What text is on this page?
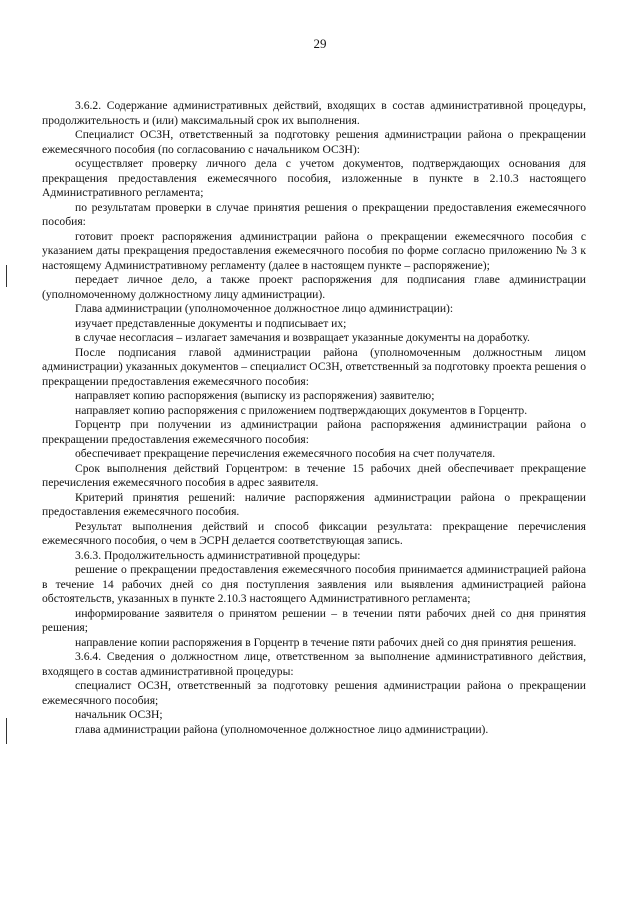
29

3.6.2. Содержание административных действий, входящих в состав административной процедуры, продолжительность и (или) максимальный срок их выполнения.

Специалист ОСЗН, ответственный за подготовку решения администрации района о прекращении ежемесячного пособия (по согласованию с начальником ОСЗН):

осуществляет проверку личного дела с учетом документов, подтверждающих основания для прекращения предоставления ежемесячного пособия, изложенные в пункте в 2.10.3 настоящего Административного регламента;

по результатам проверки в случае принятия решения о прекращении предоставления ежемесячного пособия:

готовит проект распоряжения администрации района о прекращении ежемесячного пособия с указанием даты прекращения предоставления ежемесячного пособия по форме согласно приложению № 3 к настоящему Административному регламенту (далее в настоящем пункте – распоряжение);

передает личное дело, а также проект распоряжения для подписания главе администрации (уполномоченному должностному лицу администрации).

Глава администрации (уполномоченное должностное лицо администрации):

изучает представленные документы и подписывает их;

в случае несогласия – излагает замечания и возвращает указанные документы на доработку.

После подписания главой администрации района (уполномоченным должностным лицом администрации) указанных документов – специалист ОСЗН, ответственный за подготовку проекта решения о прекращении предоставления ежемесячного пособия:

направляет копию распоряжения (выписку из распоряжения) заявителю;

направляет копию распоряжения с приложением подтверждающих документов в Горцентр.

Горцентр при получении из администрации района распоряжения администрации района о прекращении предоставления ежемесячного пособия:

обеспечивает прекращение перечисления ежемесячного пособия на счет получателя.

Срок выполнения действий Горцентром: в течение 15 рабочих дней обеспечивает прекращение перечисления ежемесячного пособия в адрес заявителя.

Критерий принятия решений: наличие распоряжения администрации района о прекращении предоставления ежемесячного пособия.

Результат выполнения действий и способ фиксации результата: прекращение перечисления ежемесячного пособия, о чем в ЭСРН делается соответствующая запись.

3.6.3. Продолжительность административной процедуры:

решение о прекращении предоставления ежемесячного пособия принимается администрацией района в течение 14 рабочих дней со дня поступления заявления или выявления администрацией района обстоятельств, указанных в пункте 2.10.3 настоящего Административного регламента;

информирование заявителя о принятом решении – в течении пяти рабочих дней со дня принятия решения;

направление копии распоряжения в Горцентр в течение пяти рабочих дней со дня принятия решения.

3.6.4. Сведения о должностном лице, ответственном за выполнение административного действия, входящего в состав административной процедуры:

специалист ОСЗН, ответственный за подготовку решения администрации района о прекращении ежемесячного пособия;

начальник ОСЗН;

глава администрации района (уполномоченное должностное лицо администрации).
